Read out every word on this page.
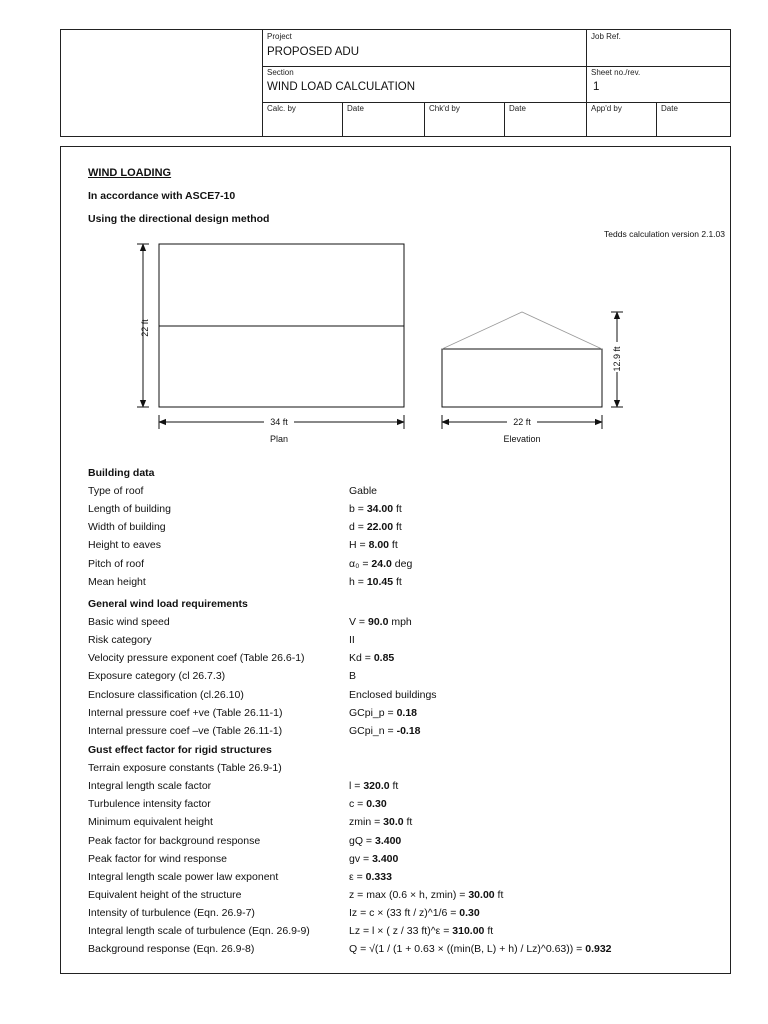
Project
PROPOSED ADU
Job Ref.
Section
WIND LOAD CALCULATION
Sheet no./rev.
1
Calc. by	Date	Chk'd by	Date	App'd by	Date
WIND LOADING
In accordance with ASCE7-10
Using the directional design method
Tedds calculation version 2.1.03
22 ft
34 ft
Plan
12.9 ft
22 ft
Elevation
Building data
Type of roof	Gable
Length of building	b = 34.00 ft
Width of building	d = 22.00 ft
Height to eaves	H = 8.00 ft
Pitch of roof	α₀ = 24.0 deg
Mean height	h = 10.45 ft
General wind load requirements
Basic wind speed	V = 90.0 mph
Risk category	II
Velocity pressure exponent coef (Table 26.6-1)	Kd = 0.85
Exposure category (cl 26.7.3)	B
Enclosure classification (cl.26.10)	Enclosed buildings
Internal pressure coef +ve (Table 26.11-1)	GCpi_p = 0.18
Internal pressure coef –ve (Table 26.11-1)	GCpi_n = -0.18
Gust effect factor for rigid structures
Terrain exposure constants (Table 26.9-1)
Integral length scale factor	l = 320.0 ft
Turbulence intensity factor	c = 0.30
Minimum equivalent height	zmin = 30.0 ft
Peak factor for background response	gQ = 3.400
Peak factor for wind response	gv = 3.400
Integral length scale power law exponent	ε = 0.333
Equivalent height of the structure	z = max (0.6 × h, zmin) = 30.00 ft
Intensity of turbulence (Eqn. 26.9-7)	Iz = c × (33 ft / z)^1/6 = 0.30
Integral length scale of turbulence (Eqn. 26.9-9)	Lz = l × ( z / 33 ft)^ε = 310.00 ft
Background response (Eqn. 26.9-8)	Q = √(1 / (1 + 0.63 × ((min(B, L) + h) / Lz)^0.63)) = 0.932
